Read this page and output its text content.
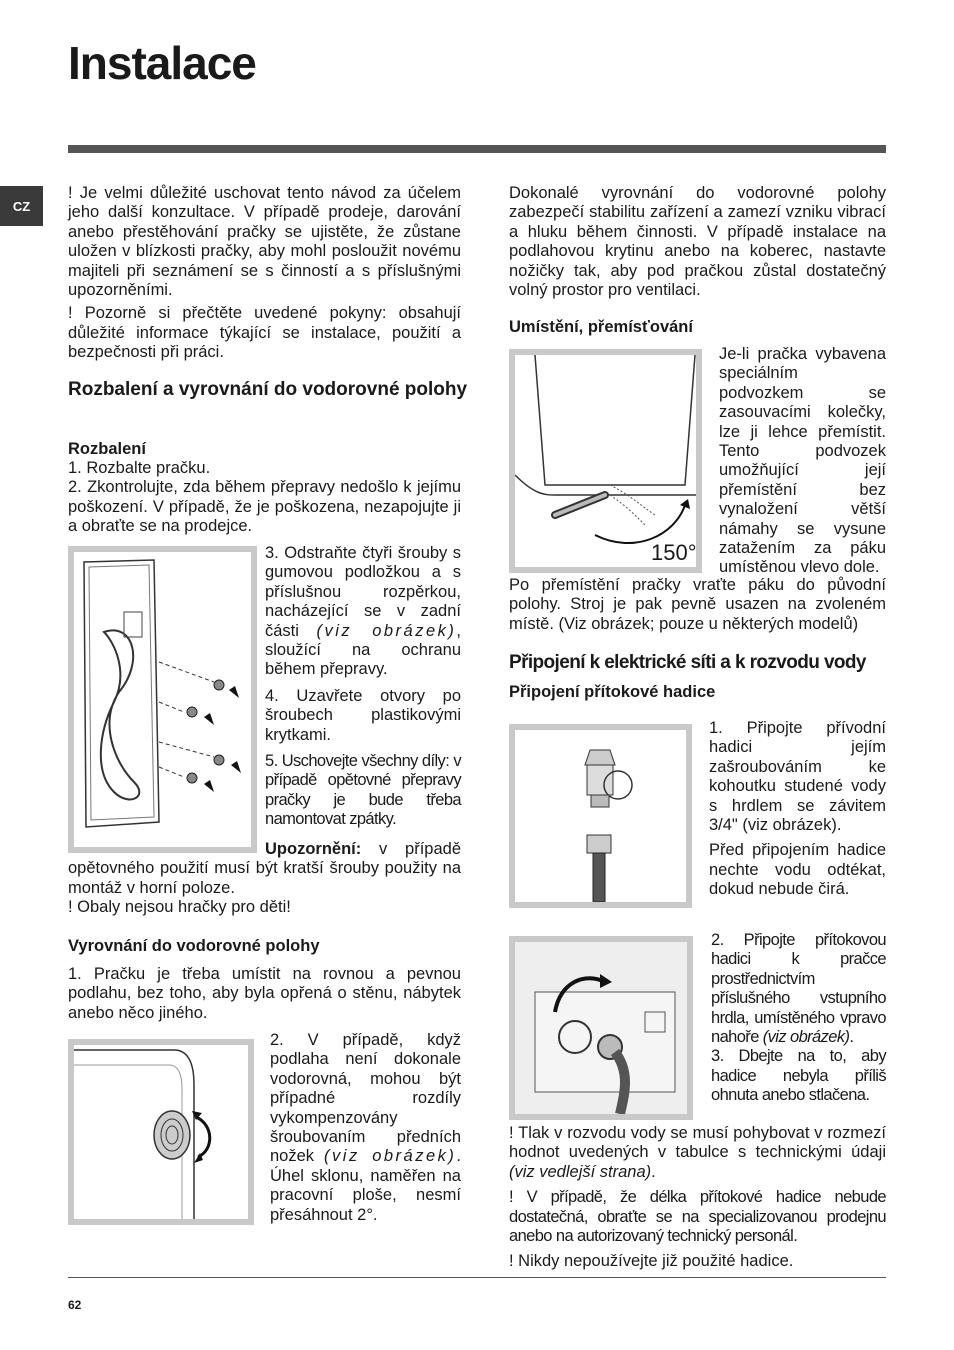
Instalace
CZ

! Je velmi důležité uschovat tento návod za účelem jeho další konzultace. V případě prodeje, darování anebo přestěhování pračky se ujistěte, že zůstane uložen v blízkosti pračky, aby mohl posloužit novému majiteli při seznámení se s činností a s příslušnými upozorněními.

! Pozorně si přečtěte uvedené pokyny: obsahují důležité informace týkající se instalace, použití a bezpečnosti při práci.

Rozbalení a vyrovnání do vodorovné polohy
Rozbalení

1. Rozbalte pračku.

2. Zkontrolujte, zda během přepravy nedošlo k jejímu poškození. V případě, že je poškozena, nezapojujte ji a obraťte se na prodejce.

3. Odstraňte čtyři šrouby s gumovou podložkou a s příslušnou rozpěrkou, nacházející se v zadní části (viz obrázek), sloužící na ochranu během přepravy.

4. Uzavřete otvory po šroubech plastikovými krytkami.

5. Uschovejte všechny díly: v případě opětovné přepravy pračky je bude třeba namontovat zpátky.

Upozornění: v případě opětovného použití musí být kratší šrouby použity na montáž v horní poloze.

! Obaly nejsou hračky pro děti!

Vyrovnání do vodorovné polohy

1. Pračku je třeba umístit na rovnou a pevnou podlahu, bez toho, aby byla opřená o stěnu, nábytek anebo něco jiného.

2. V případě, když podlaha není dokonale vodorovná, mohou být případné rozdíly vykompenzovány šroubovaním předních nožek (viz obrázek). Úhel sklonu, naměřen na pracovní ploše, nesmí přesáhnout 2°.

Dokonalé vyrovnání do vodorovné polohy zabezpečí stabilitu zařízení a zamezí vzniku vibrací a hluku během činnosti. V případě instalace na podlahovou krytinu anebo na koberec, nastavte nožičky tak, aby pod pračkou zůstal dostatečný volný prostor pro ventilaci.

Umístění, přemísťování
150°

Je-li pračka vybavena speciálním podvozkem se zasouvacími kolečky, lze ji lehce přemístit. Tento podvozek umožňující její přemístění bez vynaložení větší námahy se vysune zatažením za páku umístěnou vlevo dole.

Po přemístění pračky vraťte páku do původní polohy. Stroj je pak pevně usazen na zvoleném místě. (Viz obrázek; pouze u některých modelů)

Připojení k elektrické síti a k rozvodu vody
Připojení přítokové hadice

1. Připojte přívodní hadici jejím zašroubováním ke kohoutku studené vody s hrdlem se závitem 3/4" (viz obrázek).

Před připojením hadice nechte vodu odtékat, dokud nebude čirá.

2. Připojte přítokovou hadici k pračce prostřednictvím příslušného vstupního hrdla, umístěného vpravo nahoře (viz obrázek).

3. Dbejte na to, aby hadice nebyla příliš ohnuta anebo stlačena.

! Tlak v rozvodu vody se musí pohybovat v rozmezí hodnot uvedených v tabulce s technickými údaji (viz vedlejší strana).

! V případě, že délka přítokové hadice nebude dostatečná, obraťte se na specializovanou prodejnu anebo na autorizovaný technický personál.

! Nikdy nepoužívejte již použité hadice.

62
